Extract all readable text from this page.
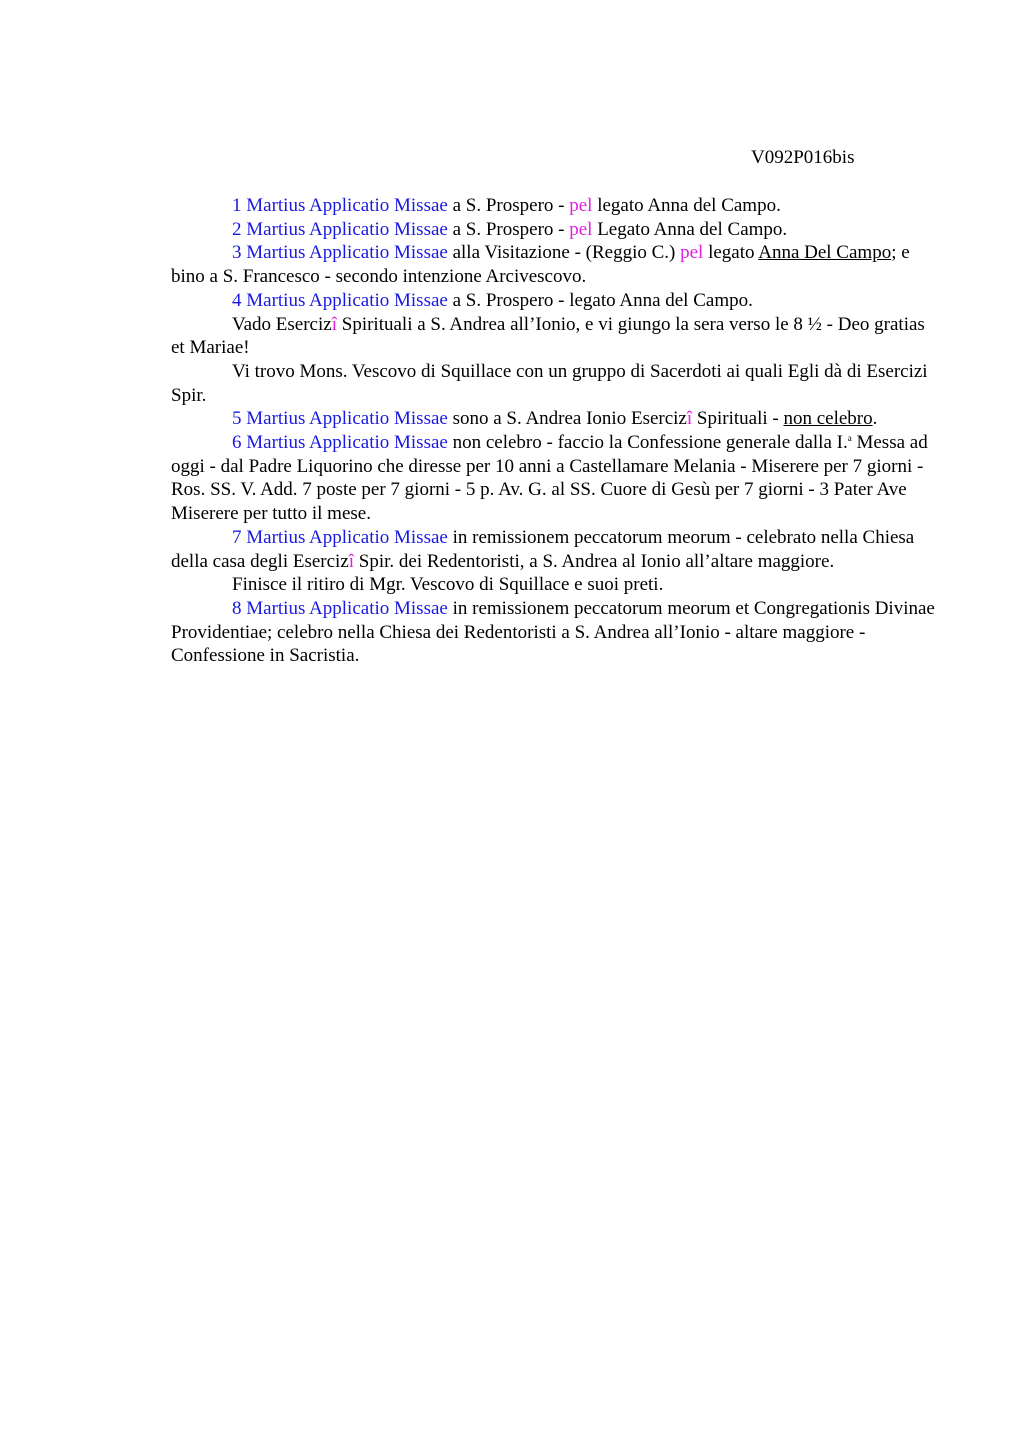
V092P016bis

1 Martius Applicatio Missae a S. Prospero - pel legato Anna del Campo.

2 Martius Applicatio Missae a S. Prospero - pel Legato Anna del Campo.

3 Martius Applicatio Missae alla Visitazione - (Reggio C.) pel legato Anna Del Campo; e bino a S. Francesco - secondo intenzione Arcivescovo.

4 Martius Applicatio Missae a S. Prospero - legato Anna del Campo.

Vado Esercizî Spirituali a S. Andrea all’Ionio, e vi giungo la sera verso le 8 ½ - Deo gratias et Mariae!

Vi trovo Mons. Vescovo di Squillace con un gruppo di Sacerdoti ai quali Egli dà di Esercizi Spir.

5 Martius Applicatio Missae sono a S. Andrea Ionio Esercizî Spirituali - non celebro.

6 Martius Applicatio Missae non celebro - faccio la Confessione generale dalla I.$^a$ Messa ad oggi - dal Padre Liquorino che diresse per 10 anni a Castellamare Melania - Miserere per 7 giorni - Ros. SS. V. Add. 7 poste per 7 giorni - 5 p. Av. G. al SS. Cuore di Gesù per 7 giorni - 3 Pater Ave Miserere per tutto il mese.

7 Martius Applicatio Missae in remissionem peccatorum meorum - celebrato nella Chiesa della casa degli Esercizî Spir. dei Redentoristi, a S. Andrea al Ionio all’altare maggiore.

Finisce il ritiro di Mgr. Vescovo di Squillace e suoi preti.

8 Martius Applicatio Missae in remissionem peccatorum meorum et Congregationis Divinae Providentiae; celebro nella Chiesa dei Redentoristi a S. Andrea all’Ionio - altare maggiore - Confessione in Sacristia.
